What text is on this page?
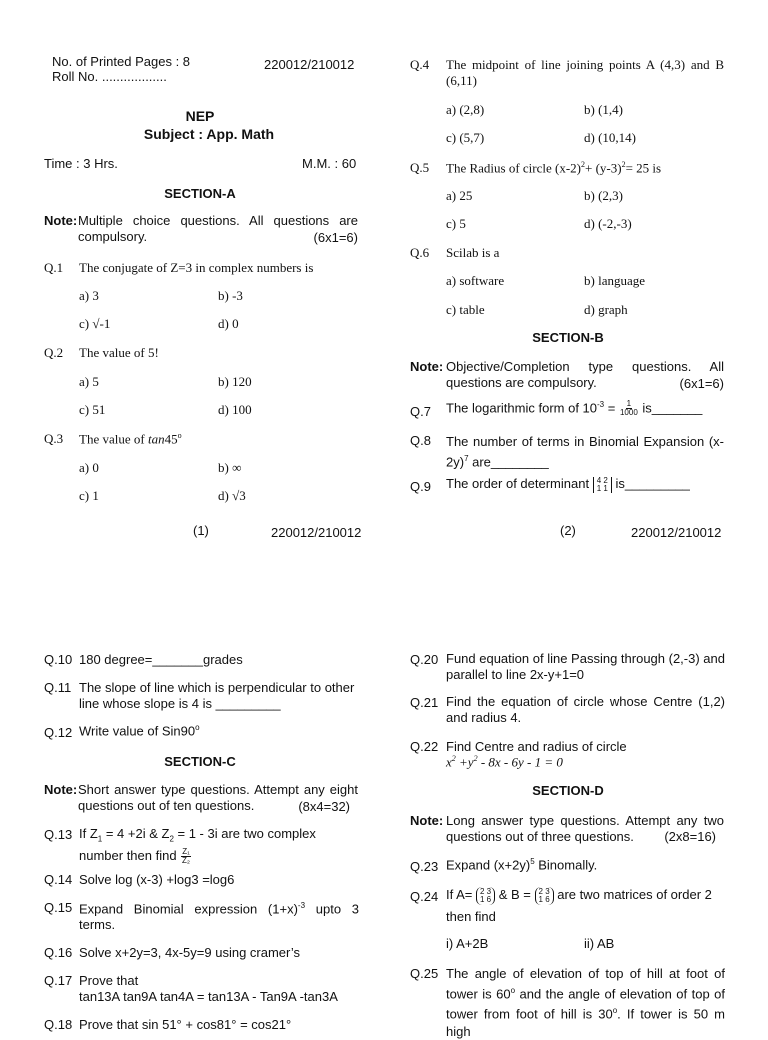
No. of Printed Pages : 8
Roll No. ..................
220012/210012
NEP
Subject : App. Math
Time : 3 Hrs.	M.M. : 60
SECTION-A
Note: Multiple choice questions. All questions are compulsory.	(6x1=6)
Q.1 The conjugate of Z=3 in complex numbers is
a) 3	b) -3
c) √-1	d) 0
Q.2 The value of 5!
a) 5	b) 120
c) 51	d) 100
Q.3 The value of tan45$^o$
a) 0	b) ∞
c) 1	d) √3
(1)	220012/210012
Q.4 The midpoint of line joining points A (4,3) and B (6,11)
a) (2,8)	b) (1,4)
c) (5,7)	d) (10,14)
Q.5 The Radius of circle $(x-2)^2+ (y-3)^2= 25$ is
a) 25	b) (2,3)
c) 5	d) (-2,-3)
Q.6 Scilab is a
a) software	b) language
c) table	d) graph
SECTION-B
Note: Objective/Completion type questions. All questions are compulsory.	(6x1=6)
Q.7 The logarithmic form of $10^{-3} = \frac{1}{1000}$ is_______
Q.8 The number of terms in Binomial Expansion $(x-2y)^7$ are________
Q.9 The order of determinant 4 2
1 1 is_________
(2)	220012/210012
Q.10 180 degree=_______grades
Q.11 The slope of line which is perpendicular to other line whose slope is 4 is _________
Q.12 Write value of Sin90$^o$
SECTION-C
Note: Short answer type questions. Attempt any eight questions out of ten questions.	(8x4=32)
Q.13 If $Z_1 = 4 +2i$ & $Z_2 = 1 - 3i$ are two complex number then find $\frac{\text{Z₁}}{\text{Z₂}}$
Q.14 Solve log (x-3) +log3 =log6
Q.15 Expand Binomial expression $(1+x)^{-3}$ upto 3 terms.
Q.16 Solve x+2y=3, 4x-5y=9 using cramer’s
Q.17 Prove that
tan13A tan9A tan4A = tan13A - Tan9A -tan3A
Q.18 Prove that sin 51° + cos81° = cos21°
Q.20 Fund equation of line Passing through (2,-3) and parallel to line 2x-y+1=0
Q.21 Find the equation of circle whose Centre (1,2) and radius 4.
Q.22 Find Centre and radius of circle
$x^2 +y^2 - 8x - 6y - 1 = 0$
SECTION-D
Note: Long answer type questions. Attempt any two questions out of three questions.	(2x8=16)
Q.23 Expand $(x+2y)^5$ Binomally.
Q.24 If A= 2 3
1 6 & B = 2 3
1 6 are two matrices of order 2 then find
i) A+2B	ii) AB
Q.25 The angle of elevation of top of hill at foot of tower is 60$^o$ and the angle of elevation of top of tower from foot of hill is 30$^o$. If tower is 50 m high
